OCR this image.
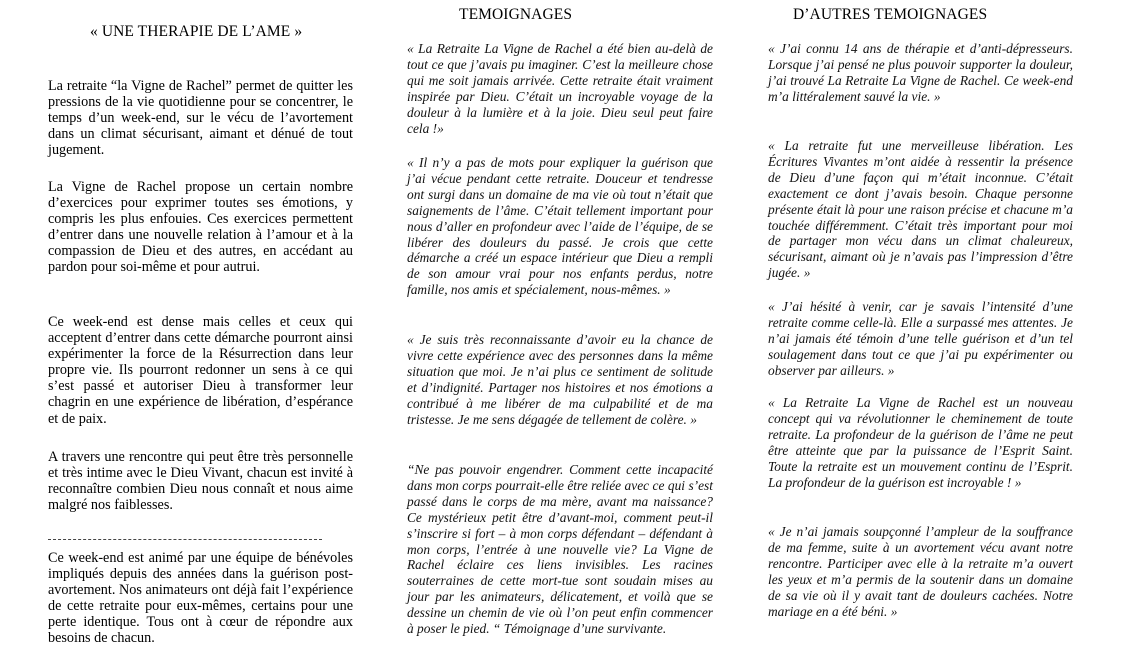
« UNE THERAPIE DE L’AME »
TEMOIGNAGES	D’AUTRES TEMOIGNAGES

La retraite “la Vigne de Rachel” permet de quitter les pressions de la vie quotidienne pour se concentrer, le temps d’un week-end, sur le vécu de l’avortement dans un climat sécurisant, aimant et dénué de tout jugement.

La Vigne de Rachel propose un certain nombre d’exercices pour exprimer toutes ses émotions, y compris les plus enfouies. Ces exercices permettent d’entrer dans une nouvelle relation à l’amour et à la compassion de Dieu et des autres, en accédant au pardon pour soi-même et pour autrui.

Ce week-end est dense mais celles et ceux qui acceptent d’entrer dans cette démarche pourront ainsi expérimenter la force de la Résurrection dans leur propre vie. Ils pourront redonner un sens à ce qui s’est passé et autoriser Dieu à transformer leur chagrin en une expérience de libération, d’espérance et de paix.

A travers une rencontre qui peut être très personnelle et très intime avec le Dieu Vivant, chacun est invité à reconnaître combien Dieu nous connaît et nous aime malgré nos faiblesses.

Ce week-end est animé par une équipe de bénévoles impliqués depuis des années dans la guérison post-avortement. Nos animateurs ont déjà fait l’expérience de cette retraite pour eux-mêmes, certains pour une perte identique. Tous ont à cœur de répondre aux besoins de chacun.

« La Retraite La Vigne de Rachel a été bien au-delà de tout ce que j’avais pu imaginer. C’est la meilleure chose qui me soit jamais arrivée. Cette retraite était vraiment inspirée par Dieu. C’était un incroyable voyage de la douleur à la lumière et à la joie. Dieu seul peut faire cela !»

« Il n’y a pas de mots pour expliquer la guérison que j’ai vécue pendant cette retraite. Douceur et tendresse ont surgi dans un domaine de ma vie où tout n’était que saignements de l’âme. C’était tellement important pour nous d’aller en profondeur avec l’aide de l’équipe, de se libérer des douleurs du passé. Je crois que cette démarche a créé un espace intérieur que Dieu a rempli de son amour vrai pour nos enfants perdus, notre famille, nos amis et spécialement, nous-mêmes. »

« Je suis très reconnaissante d’avoir eu la chance de vivre cette expérience avec des personnes dans la même situation que moi. Je n’ai plus ce sentiment de solitude et d’indignité. Partager nos histoires et nos émotions a contribué à me libérer de ma culpabilité et de ma tristesse. Je me sens dégagée de tellement de colère. »

“Ne pas pouvoir engendrer. Comment cette incapacité dans mon corps pourrait-elle être reliée avec ce qui s’est passé dans le corps de ma mère, avant ma naissance? Ce mystérieux petit être d’avant-moi, comment peut-il s’inscrire si fort – à mon corps défendant – défendant à mon corps, l’entrée à une nouvelle vie? La Vigne de Rachel éclaire ces liens invisibles. Les racines souterraines de cette mort-tue sont soudain mises au jour par les animateurs, délicatement, et voilà que se dessine un chemin de vie où l’on peut enfin commencer à poser le pied. “ Témoignage d’une survivante.

« J’ai connu 14 ans de thérapie et d’anti-dépresseurs. Lorsque j’ai pensé ne plus pouvoir supporter la douleur, j’ai trouvé La Retraite La Vigne de Rachel. Ce week-end m’a littéralement sauvé la vie. »

« La retraite fut une merveilleuse libération. Les Écritures Vivantes m’ont aidée à ressentir la présence de Dieu d’une façon qui m’était inconnue. C’était exactement ce dont j’avais besoin. Chaque personne présente était là pour une raison précise et chacune m’a touchée différemment. C’était très important pour moi de partager mon vécu dans un climat chaleureux, sécurisant, aimant où je n’avais pas l’impression d’être jugée. »

« J’ai hésité à venir, car je savais l’intensité d’une retraite comme celle-là. Elle a surpassé mes attentes. Je n’ai jamais été témoin d’une telle guérison et d’un tel soulagement dans tout ce que j’ai pu expérimenter ou observer par ailleurs. »

« La Retraite La Vigne de Rachel est un nouveau concept qui va révolutionner le cheminement de toute retraite. La profondeur de la guérison de l’âme ne peut être atteinte que par la puissance de l’Esprit Saint. Toute la retraite est un mouvement continu de l’Esprit. La profondeur de la guérison est incroyable ! »

« Je n’ai jamais soupçonné l’ampleur de la souffrance de ma femme, suite à un avortement vécu avant notre rencontre. Participer avec elle à la retraite m’a ouvert les yeux et m’a permis de la soutenir dans un domaine de sa vie où il y avait tant de douleurs cachées. Notre mariage en a été béni. »
